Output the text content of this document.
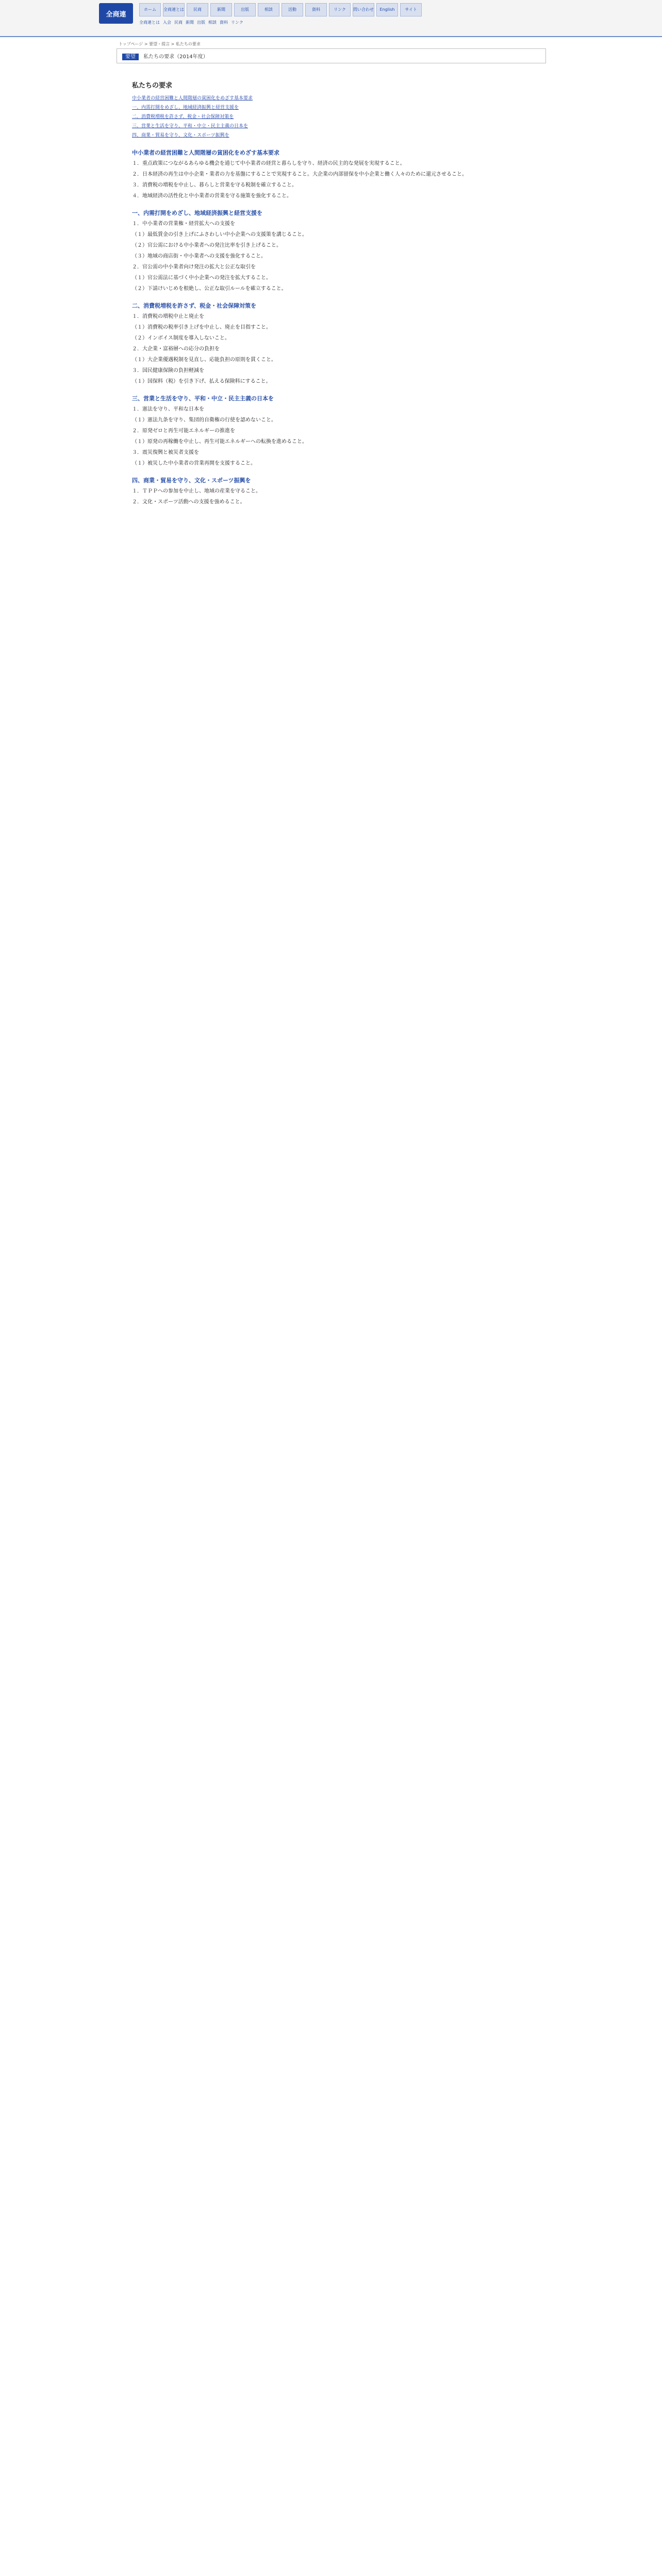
全商連
ホーム	全商連とは	民商	新聞	出版	相談	活動	資料	リンク	問い合わせ	English	サイト
全商連とは 入会 民商 新聞 出版 相談 資料 リンク
トップページ > 要望・提言 > 私たちの要求
要望 私たちの要求（2014年度）
私たちの要求
中小業者の経営困難と人間階層の貧困化をめざす基本要求
一、内需打開をめざし、地域経済振興と経営支援を
二、消費税増税を許さず、税金・社会保障対策を
三、営業と生活を守り、平和・中立・民主主義の日本を
四、商業・貿易を守り、文化・スポーツ振興を
中小業者の経営困難と人間階層の貧困化をめざす基本要求

１．重点政策につながるあらゆる機会を通じて中小業者の経営と暮らしを守り、経済の民主的な発展を実現すること。

２．日本経済の再生は中小企業・業者の力を基盤にすることで実現すること。大企業の内部留保を中小企業と働く人々のために還元させること。

３．消費税の増税を中止し、暮らしと営業を守る税制を確立すること。

４．地域経済の活性化と中小業者の営業を守る施策を強化すること。

一、内需打開をめざし、地域経済振興と経営支援を

１．中小業者の営業権・経営拡大への支援を

（１）最低賃金の引き上げにふさわしい中小企業への支援策を講じること。

（２）官公需における中小業者への発注比率を引き上げること。

（３）地域の商店街・中小業者への支援を強化すること。

２．官公需の中小業者向け発注の拡大と公正な取引を

（１）官公需法に基づく中小企業への発注を拡大すること。

（２）下請けいじめを根絶し、公正な取引ルールを確立すること。

二、消費税増税を許さず、税金・社会保障対策を

１．消費税の増税中止と廃止を

（１）消費税の税率引き上げを中止し、廃止を目指すこと。

（２）インボイス制度を導入しないこと。

２．大企業・富裕層への応分の負担を

（１）大企業優遇税制を見直し、応能負担の原則を貫くこと。

３．国民健康保険の負担軽減を

（１）国保料（税）を引き下げ、払える保険料にすること。

三、営業と生活を守り、平和・中立・民主主義の日本を

１．憲法を守り、平和な日本を

（１）憲法九条を守り、集団的自衛権の行使を認めないこと。

２．原発ゼロと再生可能エネルギーの推進を

（１）原発の再稼働を中止し、再生可能エネルギーへの転換を進めること。

３．震災復興と被災者支援を

（１）被災した中小業者の営業再開を支援すること。

四、商業・貿易を守り、文化・スポーツ振興を

１．ＴＰＰへの参加を中止し、地域の産業を守ること。

２．文化・スポーツ活動への支援を強めること。
